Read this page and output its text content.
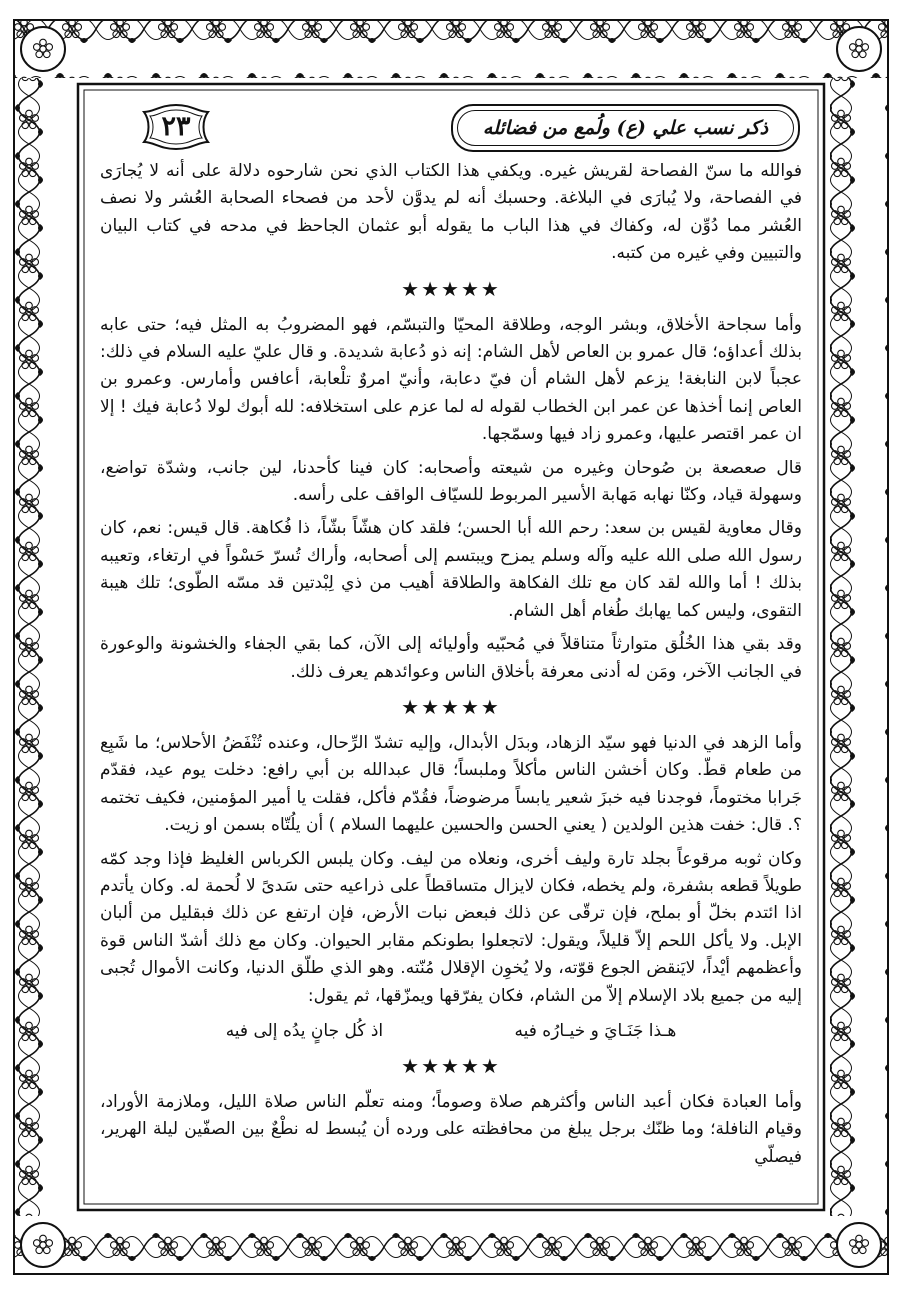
٢٣	ذكر نسب علي (ع) ولُمع من فضائله

فوالله ما سنّ الفصاحة لقريش غيره. ويكفي هذا الكتاب الذي نحن شارحوه دلالة على أنه لا يُجارَى في الفصاحة، ولا يُبارَى في البلاغة. وحسبك أنه لم يدوَّن لأحد من فصحاء الصحابة العُشر ولا نصف العُشر مما دُوِّن له، وكفاك في هذا الباب ما يقوله أبو عثمان الجاحظ في مدحه في كتاب البيان والتبيين وفي غيره من كتبه.

★★★★★

وأما سجاحة الأخلاق، وبشر الوجه، وطلاقة المحيّا والتبسّم، فهو المضروبُ به المثل فيه؛ حتى عابه بذلك أعداؤه؛ قال عمرو بن العاص لأهل الشام: إنه ذو دُعابة شديدة. و قال عليّ عليه السلام في ذلك: عجباً لابن النابغة! يزعم لأهل الشام أن فيّ دعابة، وأنيّ امروٌ تلْعابة، أعافس وأمارس. وعمرو بن العاص إنما أخذها عن عمر ابن الخطاب لقوله له لما عزم على استخلافه: لله أبوك لولا دُعابة فيك ! إلا ان عمر اقتصر عليها، وعمرو زاد فيها وسمّجها.

قال صعصعة بن صُوحان وغيره من شيعته وأصحابه: كان فينا كأحدنا، لين جانب، وشدّة تواضع، وسهولة قياد، وكنّا نهابه مَهابة الأسير المربوط للسيّاف الواقف على رأسه.

وقال معاوية لقيس بن سعد: رحم الله أبا الحسن؛ فلقد كان هشّاً بشّاً، ذا فُكاهة. قال قيس: نعم، كان رسول الله صلى الله عليه وآله وسلم يمزح ويبتسم إلى أصحابه، وأراك تُسرّ حَسْواً في ارتغاء، وتعيبه بذلك ! أما والله لقد كان مع تلك الفكاهة والطلاقة أهيب من ذي لِبْدتين قد مسّه الطّوى؛ تلك هيبة التقوى، وليس كما يهابك طُغام أهل الشام.

وقد بقي هذا الخُلُق متوارثاً متناقلاً في مُحبّيه وأوليائه إلى الآن، كما بقي الجفاء والخشونة والوعورة في الجانب الآخر، ومَن له أدنى معرفة بأخلاق الناس وعوائدهم يعرف ذلك.

★★★★★

وأما الزهد في الدنيا فهو سيّد الزهاد، وبدَل الأبدال، وإليه تشدّ الرِّحال، وعنده تُنْفَضُ الأحلاس؛ ما شَبِع من طعام قطّ. وكان أخشن الناس مأكلاً وملبساً؛ قال عبدالله بن أبي رافع: دخلت يوم عيد، فقدّم جَرابا مختوماً، فوجدنا فيه خبزَ شعير يابساً مرضوضاً، فقُدّم فأكل، فقلت يا أمير المؤمنين، فكيف تختمه ؟. قال: خفت هذين الولدين ( يعني الحسن والحسين عليهما السلام ) أن يلُتّاه بسمن او زيت.

وكان ثوبه مرقوعاً بجلد تارة وليف أخرى، ونعلاه من ليف. وكان يلبس الكرباس الغليظ فإذا وجد كمّه طويلاً قطعه بشفرة، ولم يخطه، فكان لايزال متساقطاً على ذراعيه حتى سَدىً لا لُحمة له. وكان يأتدم اذا ائتدم بخلّ أو بملح، فإن ترقّى عن ذلك فبعض نبات الأرض، فإن ارتفع عن ذلك فبقليل من ألبان الإبل. ولا يأكل اللحم إلاّ قليلاً، ويقول: لاتجعلوا بطونكم مقابر الحيوان. وكان مع ذلك أشدّ الناس قوة وأعظمهم أيْداً، لايَنقض الجوع قوّته، ولا يُخوِن الإقلال مُنّته. وهو الذي طلّق الدنيا، وكانت الأموال تُجبى إليه من جميع بلاد الإسلام إلاّ من الشام، فكان يفرّقها ويمزّقها، ثم يقول:

هـذا جَنَـايَ و خيـارُه فيه
اذ كُل جانٍ يدُه إلى فيه
★★★★★

وأما العبادة فكان أعبد الناس وأكثرهم صلاة وصوماً؛ ومنه تعلّم الناس صلاة الليل، وملازمة الأوراد، وقيام النافلة؛ وما ظنّك برجل يبلغ من محافظته على ورده أن يُبسط له نطْعٌ بين الصفّين ليلة الهرير، فيصلّي
